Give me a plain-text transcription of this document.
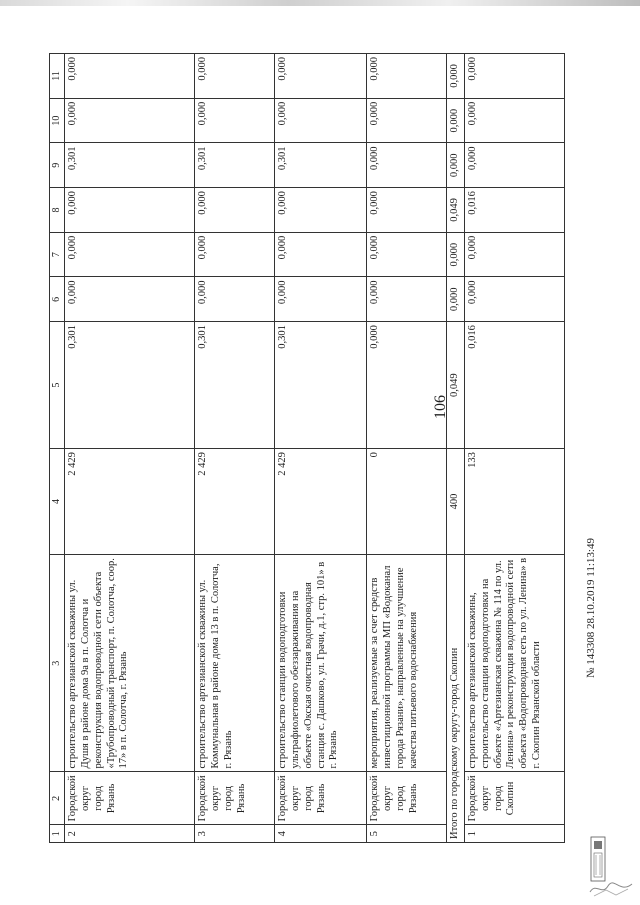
106
1	2	3	4	5	6	7	8	9	10	11
2	Городской округ город Рязань	строительство артезианской скважины ул. Душя в районе дома 9а в п. Солотча и реконструкция водопроводной сети объекта «Трубопроводный транспорт, п. Солотча, соор. 17» в п. Солотча, г. Рязань	2 429	0,301	0,000	0,000	0,000	0,301	0,000	0,000
3	Городской округ город Рязань	строительство артезианской скважины ул. Коммунальная в районе дома 13 в п. Солотча, г. Рязань	2 429	0,301	0,000	0,000	0,000	0,301	0,000	0,000
4	Городской округ город Рязань	строительство станции водоподготовки ультрафиолетового обеззараживания на объекте «Окская очистная водопроводная станция с. Дашково, ул. Грачи, д.1, стр. 101» в г. Рязань	2 429	0,301	0,000	0,000	0,000	0,301	0,000	0,000
5	Городской округ город Рязань	мероприятия, реализуемые за счет средств инвестиционной программы МП «Водоканал города Рязани», направленные на улучшение качества питьевого водоснабжения	0	0,000	0,000	0,000	0,000	0,000	0,000	0,000
Итого по городскому округу-город Скопин			400	0,049	0,000	0,000	0,049	0,000	0,000	0,000
1	Городской округ город Скопин	строительство артезианской скважины, строительство станции водоподготовки на объекте «Артезианская скважина № 114 по ул. Ленина» и реконструкция водопроводной сети объекта «Водопроводная сеть по ул. Ленина» в г. Скопин Рязанской области	133	0,016	0,000	0,000	0,016	0,000	0,000	0,000
№ 143308 28.10.2019 11:13:49
